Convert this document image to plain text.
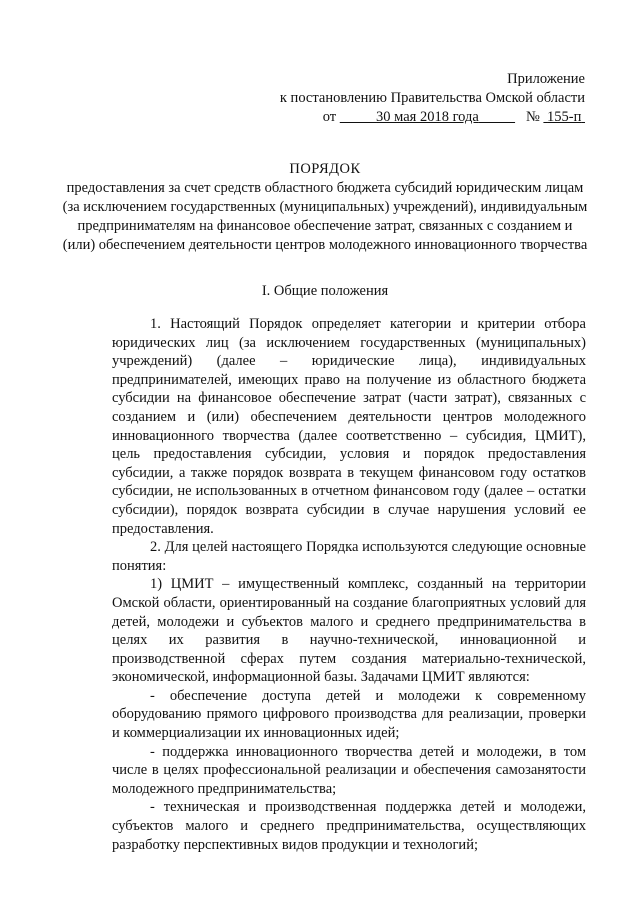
Приложение
к постановлению Правительства Омской области
от	30 мая 2018 года	№ 155-п
ПОРЯДОК
предоставления за счет средств областного бюджета субсидий юридическим лицам (за исключением государственных (муниципальных) учреждений), индивидуальным предпринимателям на финансовое обеспечение затрат, связанных с созданием и (или) обеспечением деятельности центров молодежного инновационного творчества
I. Общие положения

1. Настоящий Порядок определяет категории и критерии отбора юридических лиц (за исключением государственных (муниципальных) учреждений) (далее – юридические лица), индивидуальных предпринимателей, имеющих право на получение из областного бюджета субсидии на финансовое обеспечение затрат (части затрат), связанных с созданием и (или) обеспечением деятельности центров молодежного инновационного творчества (далее соответственно – субсидия, ЦМИТ), цель предоставления субсидии, условия и порядок предоставления субсидии, а также порядок возврата в текущем финансовом году остатков субсидии, не использованных в отчетном финансовом году (далее – остатки субсидии), порядок возврата субсидии в случае нарушения условий ее предоставления.

2. Для целей настоящего Порядка используются следующие основные понятия:

1) ЦМИТ – имущественный комплекс, созданный на территории Омской области, ориентированный на создание благоприятных условий для детей, молодежи и субъектов малого и среднего предпринимательства в целях их развития в научно-технической, инновационной и производственной сферах путем создания материально-технической, экономической, информационной базы. Задачами ЦМИТ являются:

- обеспечение доступа детей и молодежи к современному оборудованию прямого цифрового производства для реализации, проверки и коммерциализации их инновационных идей;

- поддержка инновационного творчества детей и молодежи, в том числе в целях профессиональной реализации и обеспечения самозанятости молодежного предпринимательства;

- техническая и производственная поддержка детей и молодежи, субъектов малого и среднего предпринимательства, осуществляющих разработку перспективных видов продукции и технологий;
